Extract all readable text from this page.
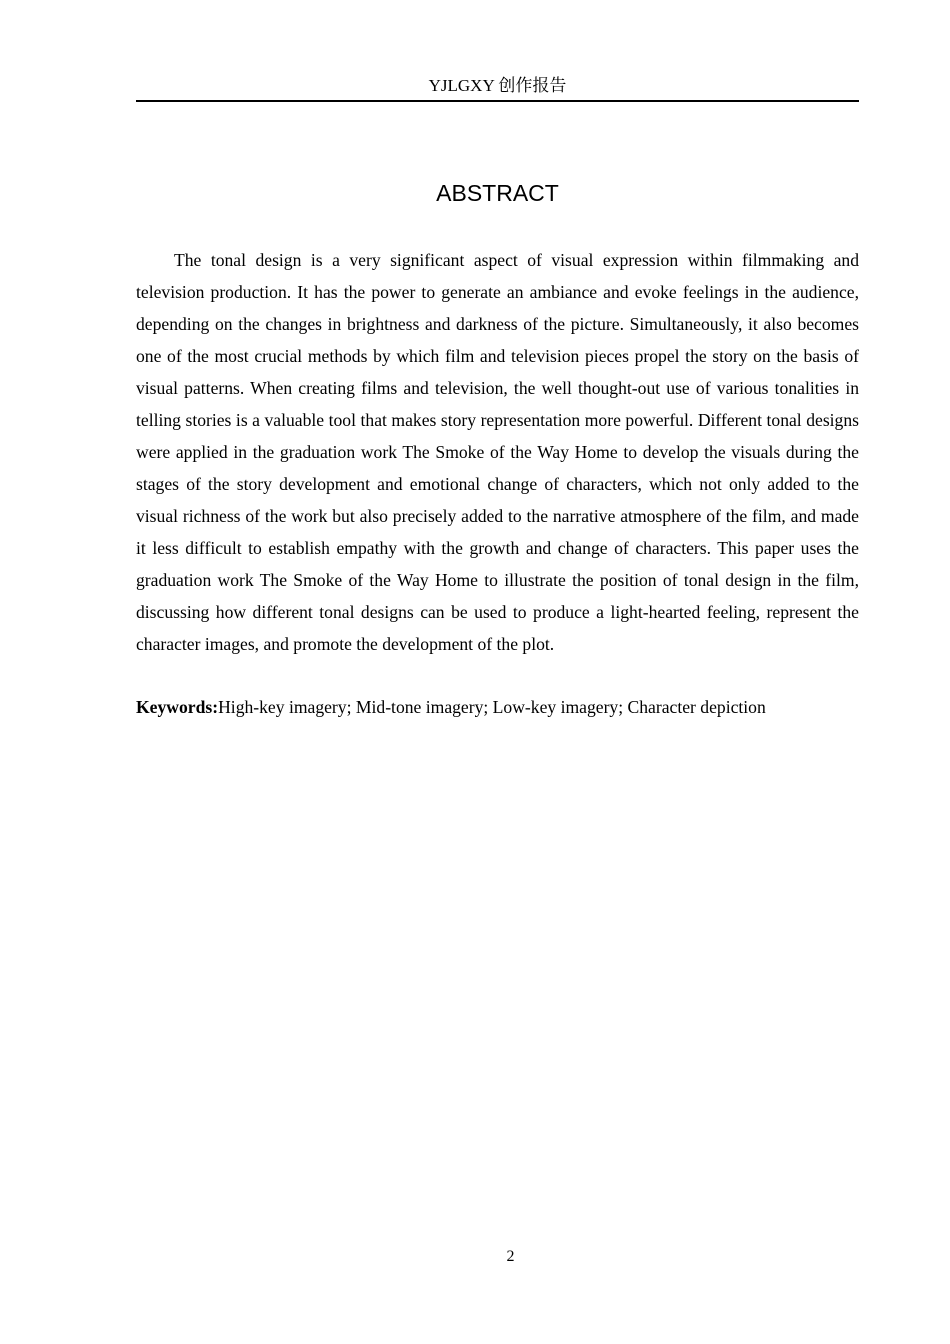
YJLGXY 创作报告
ABSTRACT

The tonal design is a very significant aspect of visual expression within filmmaking and television production. It has the power to generate an ambiance and evoke feelings in the audience, depending on the changes in brightness and darkness of the picture. Simultaneously, it also becomes one of the most crucial methods by which film and television pieces propel the story on the basis of visual patterns. When creating films and television, the well thought-out use of various tonalities in telling stories is a valuable tool that makes story representation more powerful. Different tonal designs were applied in the graduation work The Smoke of the Way Home to develop the visuals during the stages of the story development and emotional change of characters, which not only added to the visual richness of the work but also precisely added to the narrative atmosphere of the film, and made it less difficult to establish empathy with the growth and change of characters. This paper uses the graduation work The Smoke of the Way Home to illustrate the position of tonal design in the film, discussing how different tonal designs can be used to produce a light-hearted feeling, represent the character images, and promote the development of the plot.

Keywords:High-key imagery; Mid-tone imagery; Low-key imagery; Character depiction

2
